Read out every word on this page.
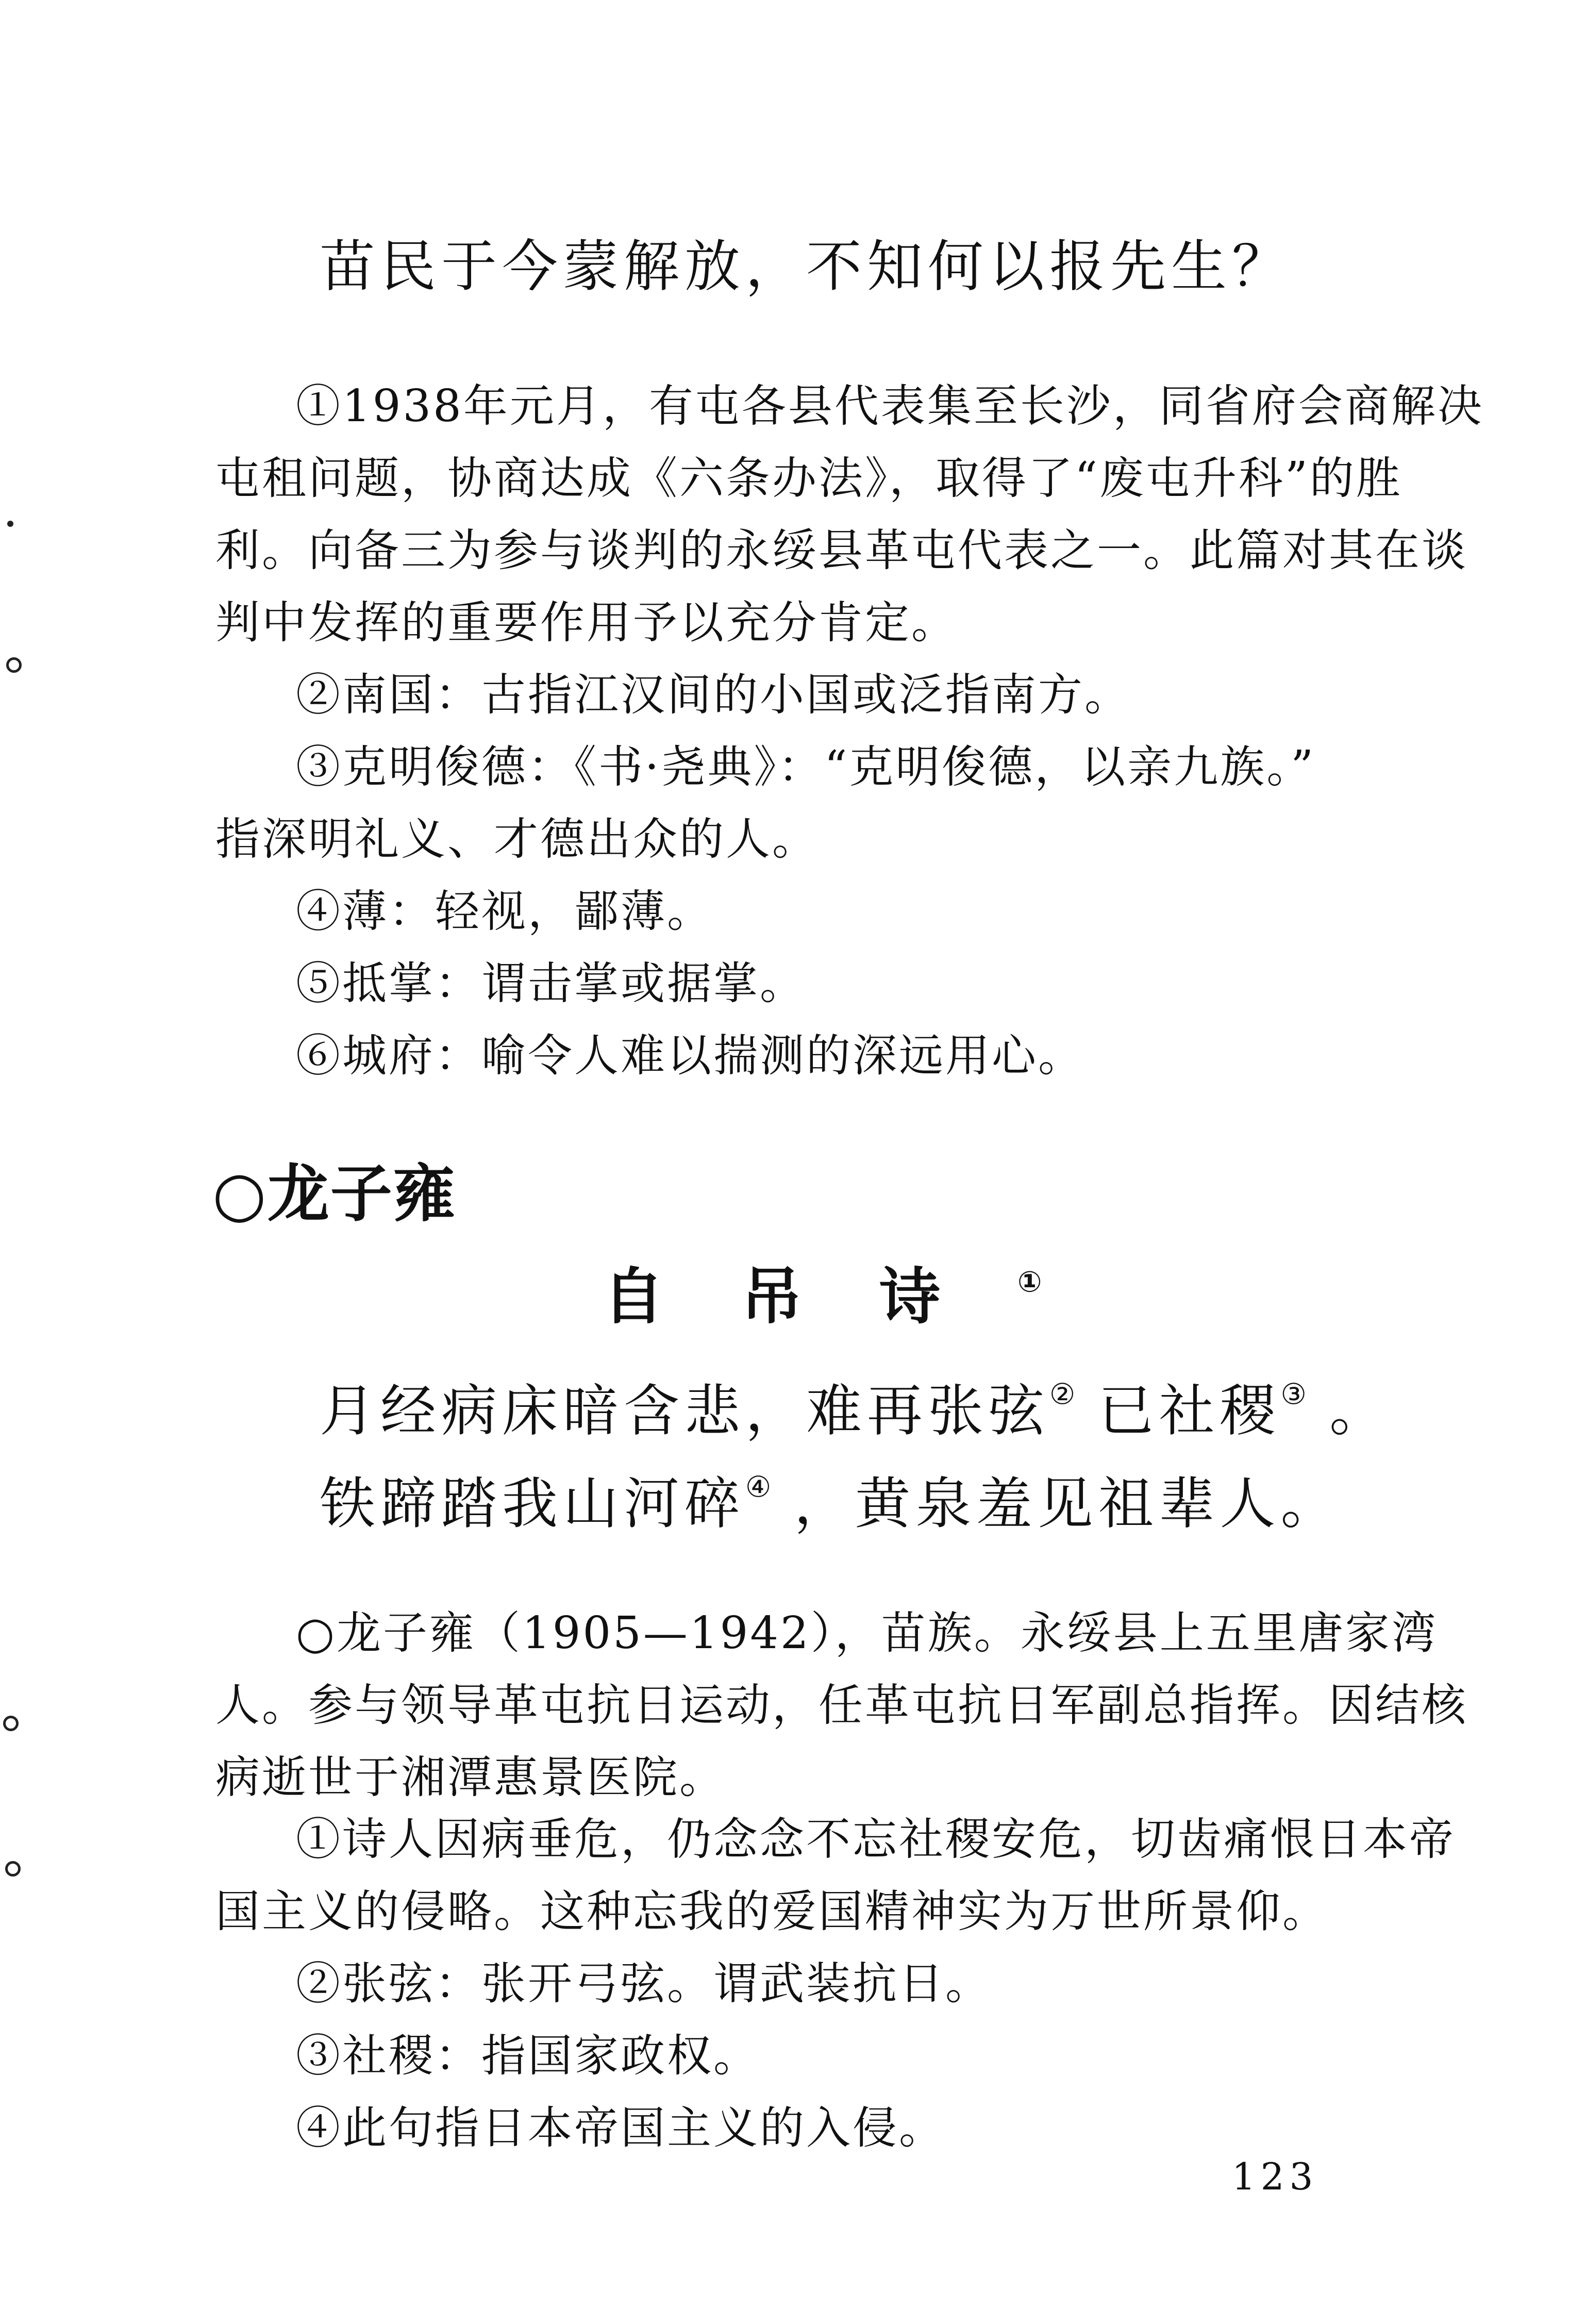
苗民于今蒙解放，不知何以报先生？
①1938年元月，有屯各县代表集至长沙，同省府会商解决
屯租问题，协商达成《六条办法》，取得了“废屯升科”的胜
利。向备三为参与谈判的永绥县革屯代表之一。此篇对其在谈
判中发挥的重要作用予以充分肯定。
②南国：古指江汉间的小国或泛指南方。
③克明俊德：《书·尧典》：“克明俊德，以亲九族。”
指深明礼义、才德出众的人。
④薄：轻视，鄙薄。
⑤抵掌：谓击掌或据掌。
⑥城府：喻令人难以揣测的深远用心。
○龙子雍
自吊诗①
月经病床暗含悲，难再张弦② 已社稷③ 。
铁蹄踏我山河碎④ ，黄泉羞见祖辈人。
○龙子雍（1905—1942），苗族。永绥县上五里唐家湾
人。参与领导革屯抗日运动，任革屯抗日军副总指挥。因结核
病逝世于湘潭惠景医院。
①诗人因病垂危，仍念念不忘社稷安危，切齿痛恨日本帝
国主义的侵略。这种忘我的爱国精神实为万世所景仰。
②张弦：张开弓弦。谓武装抗日。
③社稷：指国家政权。
④此句指日本帝国主义的入侵。
123
